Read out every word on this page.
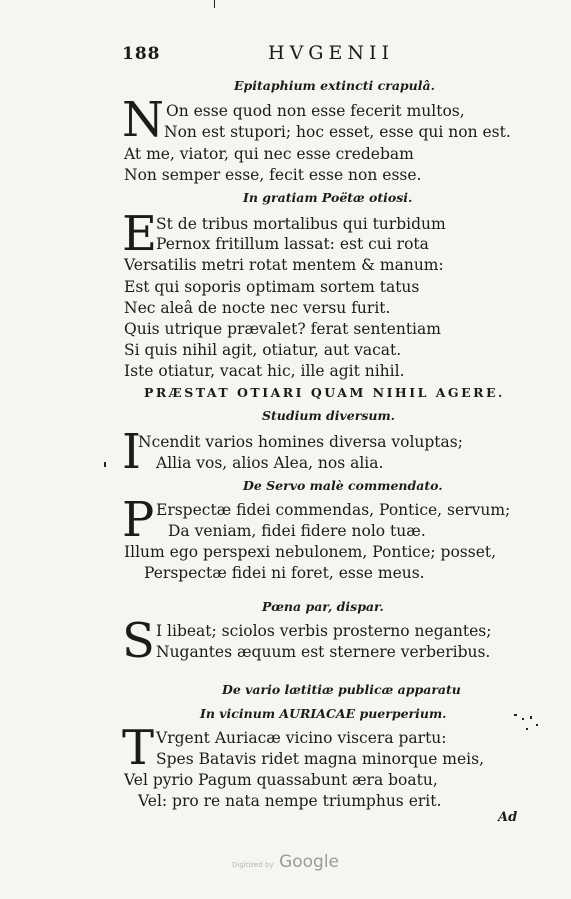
188	HVGENII
Epitaphium extincti crapulâ.
N On esse quod non esse fecerit multos,
Non est stupori; hoc esset, esse qui non est.
At me, viator, qui nec esse credebam
Non semper esse, fecit esse non esse.
In gratiam Poëtæ otiosi.
E
St de tribus mortalibus qui turbidum
Pernox fritillum lassat: est cui rota
Versatilis metri rotat mentem & manum:
Est qui soporis optimam sortem tatus
Nec aleâ de nocte nec versu furit.
Quis utrique prævalet? ferat sententiam
Si quis nihil agit, otiatur, aut vacat.
Iste otiatur, vacat hic, ille agit nihil.
PRÆSTAT OTIARI QUAM NIHIL AGERE.
Studium diversum.
I
Ncendit varios homines diversa voluptas;
Allia vos, alios Alea, nos alia.
De Servo malè commendato.
P Erspectæ fidei commendas, Pontice, servum;
Da veniam, fidei fidere nolo tuæ.
Illum ego perspexi nebulonem, Pontice; posset,
Perspectæ fidei ni foret, esse meus.
Pœna par, dispar.
S I libeat; sciolos verbis prosterno negantes;
Nugantes æquum est sternere verberibus.
De vario lætitiæ publicæ apparatu
In vicinum AURIACAE puerperium.
T Vrgent Auriacæ vicino viscera partu:
Spes Batavis ridet magna minorque meis,
Vel pyrio Pagum quassabunt æra boatu,
Vel: pro re nata nempe triumphus erit.
Ad
Digitized by Google
